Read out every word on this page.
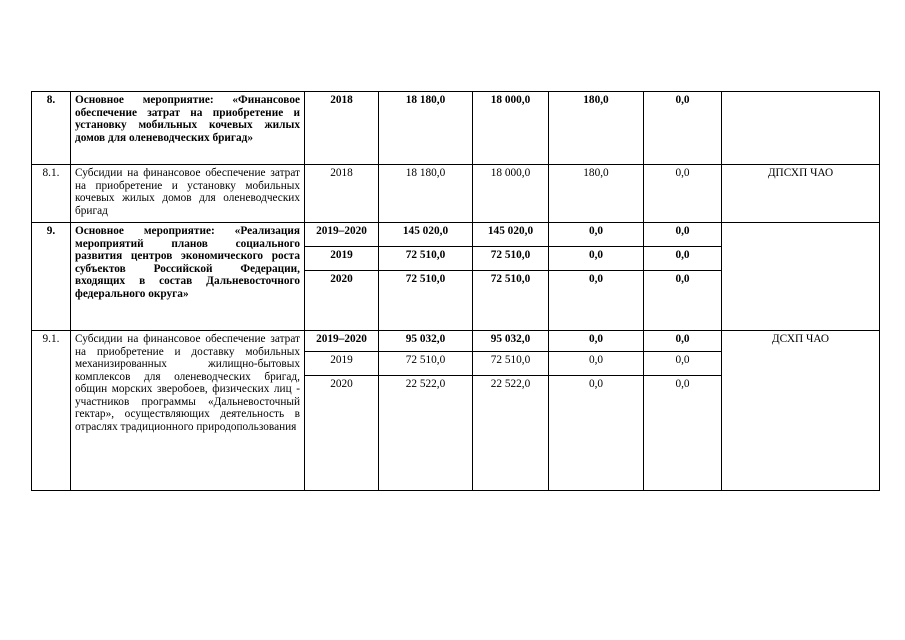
8.	Основное мероприятие: «Финансовое обеспечение затрат на приобретение и установку мобильных кочевых жилых домов для оленеводческих бригад»	2018	18 180,0	18 000,0	180,0	0,0	
8.1.	Субсидии на финансовое обеспечение затрат на приобретение и установку мобильных кочевых жилых домов для оленеводческих бригад	2018	18 180,0	18 000,0	180,0	0,0	ДПСХП ЧАО
9.	Основное мероприятие: «Реализация мероприятий планов социального развития центров экономического роста субъектов Российской Федерации, входящих в состав Дальневосточного федерального округа»	2019–2020	145 020,0	145 020,0	0,0	0,0	
		2019	72 510,0	72 510,0	0,0	0,0	
		2020	72 510,0	72 510,0	0,0	0,0	
9.1.	Субсидии на финансовое обеспечение затрат на приобретение и доставку мобильных механизированных жилищно-бытовых комплексов для оленеводческих бригад, общин морских зверобоев, физических лиц - участников программы «Дальневосточный гектар», осуществляющих деятельность в отраслях традиционного природопользования	2019–2020	95 032,0	95 032,0	0,0	0,0	ДСХП ЧАО
		2019	72 510,0	72 510,0	0,0	0,0	
		2020	22 522,0	22 522,0	0,0	0,0	
